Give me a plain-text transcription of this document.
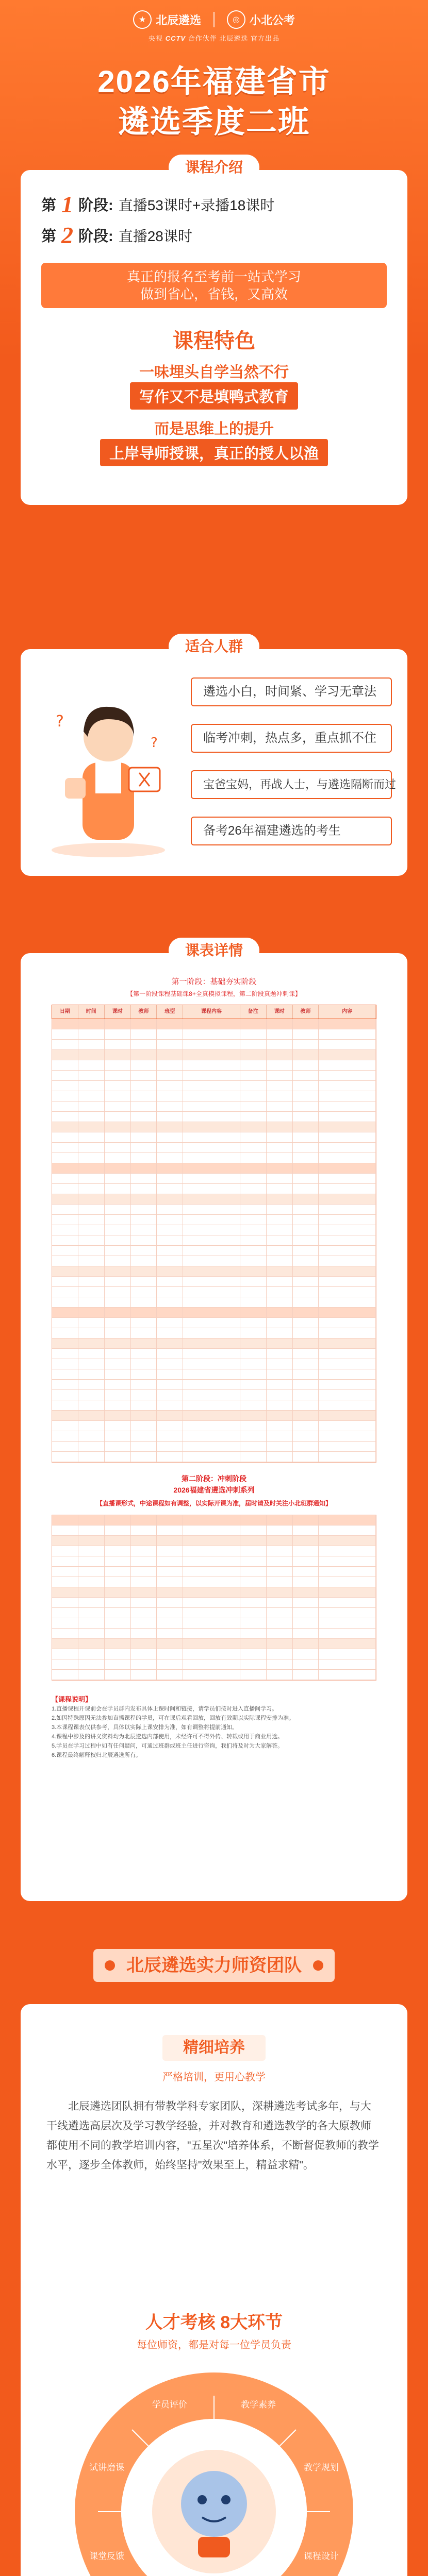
★ 北辰遴选	◎ 小北公考
央视 CCTV 合作伙伴 北辰遴选 官方出品
2026年福建省市
遴选季度二班
课程介绍
第 1 阶段: 直播53课时+录播18课时
第 2 阶段: 直播28课时
真正的报名至考前一站式学习
做到省心，省钱，又高效
课程特色
一味埋头自学当然不行
写作又不是填鸭式教育
而是思维上的提升
上岸导师授课，真正的授人以渔
适合人群
?
?
遴选小白，时间紧、学习无章法
临考冲刺，热点多，重点抓不住
宝爸宝妈，再战人士，与遴选隔断而过
备考26年福建遴选的考生
课表详情
第一阶段：基础夯实阶段
【第一阶段课程基础课8+全真模拟课程，第二阶段真题冲刺课】
日期	时间	课时	教师	班型	课程内容	备注	课时	教师	内容
第二阶段：冲刺阶段
2026福建省遴选冲刺系列
【直播课形式，中途课程如有调整，以实际开课为准，届时请及时关注小北班群通知】
【课程说明】
1.直播课程开课前会在学员群内发布具体上课时间和链接，请学员们按时进入直播间学习。
2.如因特殊原因无法参加直播课程的学员，可在课后观看回放，回放有效期以实际课程安排为准。
3.本课程课表仅供参考，具体以实际上课安排为准，如有调整将提前通知。
4.课程中涉及的讲义资料均为北辰遴选内部使用，未经许可不得外传、转载或用于商业用途。
5.学员在学习过程中如有任何疑问，可通过班群或班主任进行咨询，我们将及时为大家解答。
6.课程最终解释权归北辰遴选所有。
北辰遴选实力师资团队
精细培养
严格培训，更用心教学
北辰遴选团队拥有带教学科专家团队，深耕遴选考试多年，与大干线遴选高层次及学习教学经验，并对教育和遴选教学的各大原教师都使用不同的教学培训内容，"五星次"培养体系，不断督促教师的教学水平，逐步全体教师，始终坚持"效果至上，精益求精"。
人才考核 8大环节
每位师资，都是对每一位学员负责
教学素养
教学规划
课程设计
课堂反馈
试讲磨课
学员评价
